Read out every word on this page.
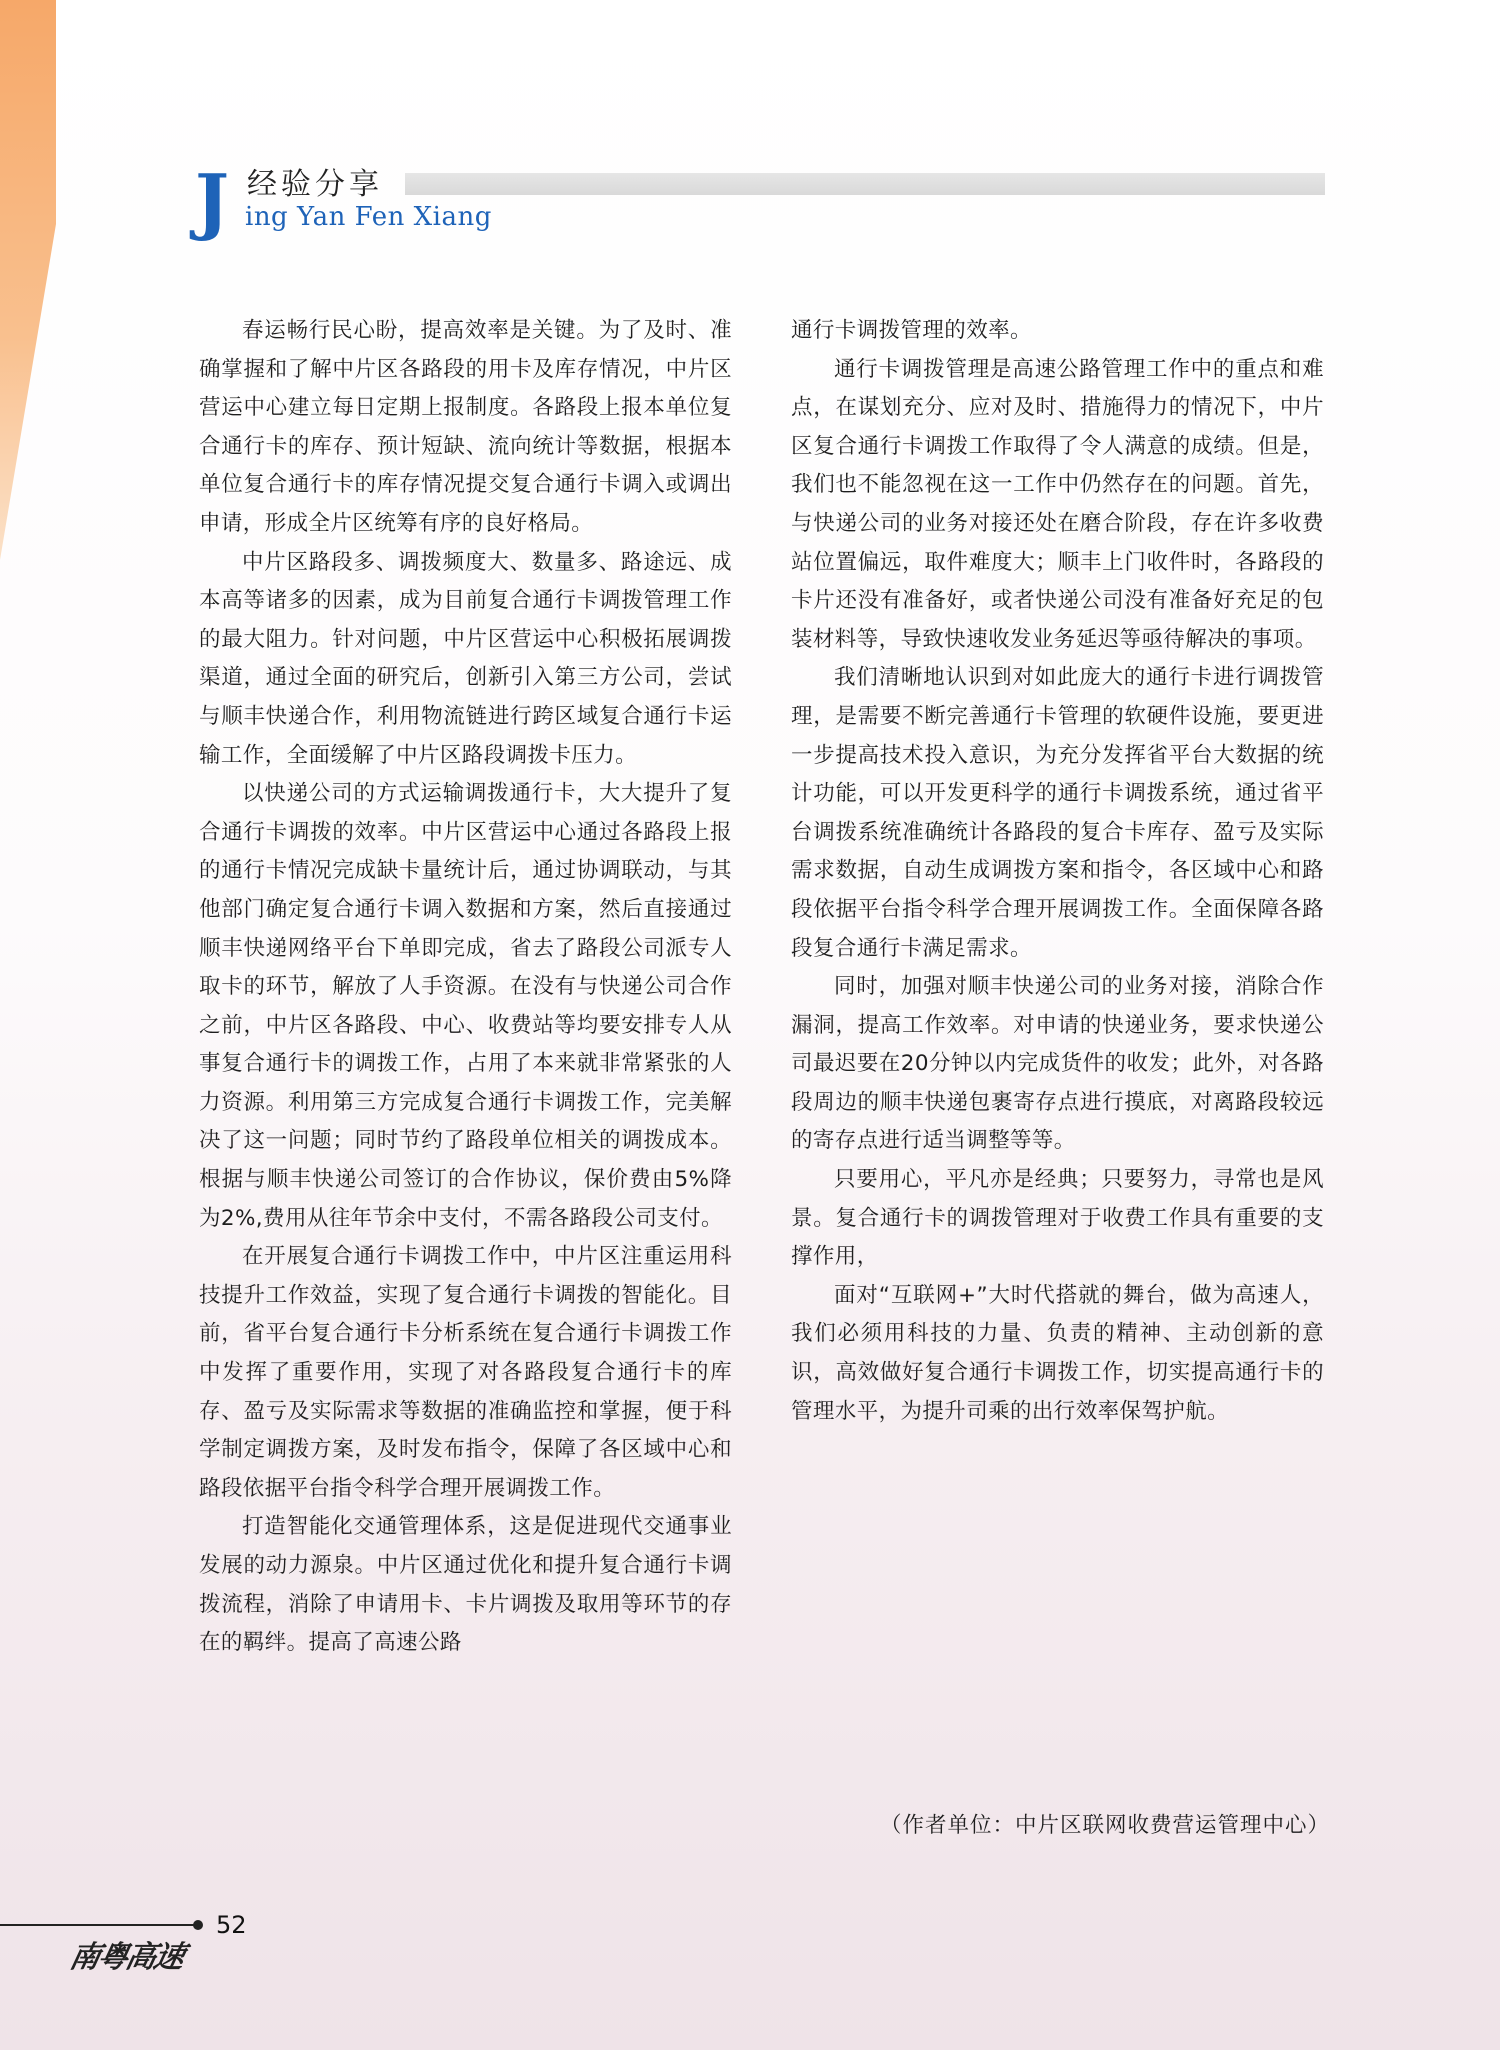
J 经验分享
ing Yan Fen Xiang

春运畅行民心盼，提高效率是关键。为了及时、准确掌握和了解中片区各路段的用卡及库存情况，中片区营运中心建立每日定期上报制度。各路段上报本单位复合通行卡的库存、预计短缺、流向统计等数据，根据本单位复合通行卡的库存情况提交复合通行卡调入或调出申请，形成全片区统筹有序的良好格局。

中片区路段多、调拨频度大、数量多、路途远、成本高等诸多的因素，成为目前复合通行卡调拨管理工作的最大阻力。针对问题，中片区营运中心积极拓展调拨渠道，通过全面的研究后，创新引入第三方公司，尝试与顺丰快递合作，利用物流链进行跨区域复合通行卡运输工作，全面缓解了中片区路段调拨卡压力。

以快递公司的方式运输调拨通行卡，大大提升了复合通行卡调拨的效率。中片区营运中心通过各路段上报的通行卡情况完成缺卡量统计后，通过协调联动，与其他部门确定复合通行卡调入数据和方案，然后直接通过顺丰快递网络平台下单即完成，省去了路段公司派专人取卡的环节，解放了人手资源。在没有与快递公司合作之前，中片区各路段、中心、收费站等均要安排专人从事复合通行卡的调拨工作，占用了本来就非常紧张的人力资源。利用第三方完成复合通行卡调拨工作，完美解决了这一问题；同时节约了路段单位相关的调拨成本。根据与顺丰快递公司签订的合作协议，保价费由5%降为2%,费用从往年节余中支付，不需各路段公司支付。

在开展复合通行卡调拨工作中，中片区注重运用科技提升工作效益，实现了复合通行卡调拨的智能化。目前，省平台复合通行卡分析系统在复合通行卡调拨工作中发挥了重要作用，实现了对各路段复合通行卡的库存、盈亏及实际需求等数据的准确监控和掌握，便于科学制定调拨方案，及时发布指令，保障了各区域中心和路段依据平台指令科学合理开展调拨工作。

打造智能化交通管理体系，这是促进现代交通事业发展的动力源泉。中片区通过优化和提升复合通行卡调拨流程，消除了申请用卡、卡片调拨及取用等环节的存在的羁绊。提高了高速公路

通行卡调拨管理的效率。

通行卡调拨管理是高速公路管理工作中的重点和难点，在谋划充分、应对及时、措施得力的情况下，中片区复合通行卡调拨工作取得了令人满意的成绩。但是，我们也不能忽视在这一工作中仍然存在的问题。首先，与快递公司的业务对接还处在磨合阶段，存在许多收费站位置偏远，取件难度大；顺丰上门收件时，各路段的卡片还没有准备好，或者快递公司没有准备好充足的包装材料等，导致快速收发业务延迟等亟待解决的事项。

我们清晰地认识到对如此庞大的通行卡进行调拨管理，是需要不断完善通行卡管理的软硬件设施，要更进一步提高技术投入意识，为充分发挥省平台大数据的统计功能，可以开发更科学的通行卡调拨系统，通过省平台调拨系统准确统计各路段的复合卡库存、盈亏及实际需求数据，自动生成调拨方案和指令，各区域中心和路段依据平台指令科学合理开展调拨工作。全面保障各路段复合通行卡满足需求。

同时，加强对顺丰快递公司的业务对接，消除合作漏洞，提高工作效率。对申请的快递业务，要求快递公司最迟要在20分钟以内完成货件的收发；此外，对各路段周边的顺丰快递包裹寄存点进行摸底，对离路段较远的寄存点进行适当调整等等。

只要用心，平凡亦是经典；只要努力，寻常也是风景。复合通行卡的调拨管理对于收费工作具有重要的支撑作用，

面对“互联网+”大时代搭就的舞台，做为高速人，我们必须用科技的力量、负责的精神、主动创新的意识，高效做好复合通行卡调拨工作，切实提高通行卡的管理水平，为提升司乘的出行效率保驾护航。

（作者单位：中片区联网收费营运管理中心）
52
南粤高速
